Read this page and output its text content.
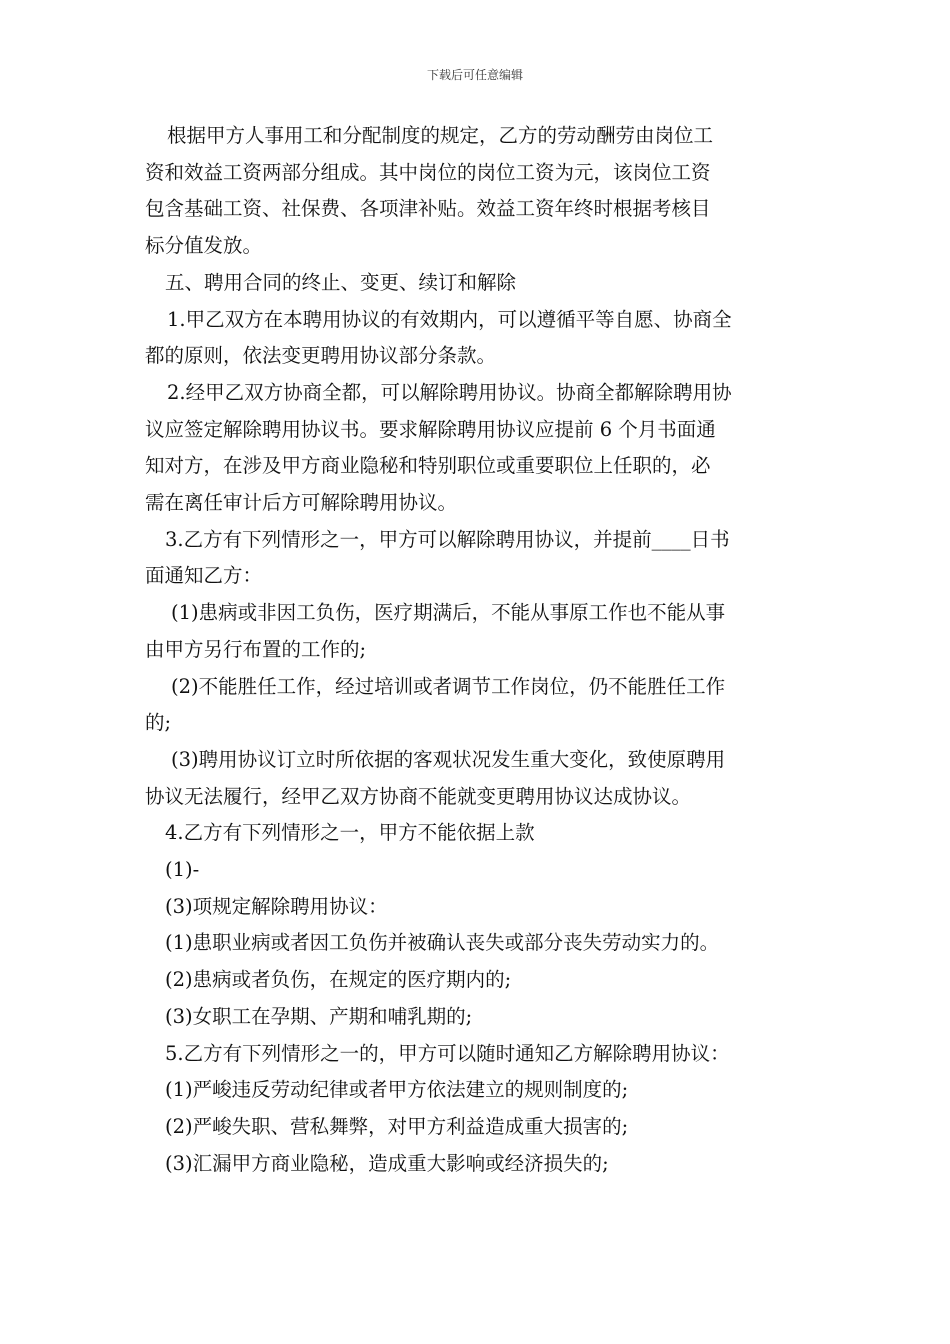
下载后可任意编辑

根据甲方人事用工和分配制度的规定，乙方的劳动酬劳由岗位工

资和效益工资两部分组成。其中岗位的岗位工资为元，该岗位工资

包含基础工资、社保费、各项津补贴。效益工资年终时根据考核目

标分值发放。

五、聘用合同的终止、变更、续订和解除

1.甲乙双方在本聘用协议的有效期内，可以遵循平等自愿、协商全

都的原则，依法变更聘用协议部分条款。

2.经甲乙双方协商全都，可以解除聘用协议。协商全都解除聘用协

议应签定解除聘用协议书。要求解除聘用协议应提前 6 个月书面通

知对方，在涉及甲方商业隐秘和特别职位或重要职位上任职的，必

需在离任审计后方可解除聘用协议。

3.乙方有下列情形之一，甲方可以解除聘用协议，并提前____日书

面通知乙方：

(1)患病或非因工负伤，医疗期满后，不能从事原工作也不能从事

由甲方另行布置的工作的;

(2)不能胜任工作，经过培训或者调节工作岗位，仍不能胜任工作

的;

(3)聘用协议订立时所依据的客观状况发生重大变化，致使原聘用

协议无法履行，经甲乙双方协商不能就变更聘用协议达成协议。

4.乙方有下列情形之一，甲方不能依据上款

(1)-

(3)项规定解除聘用协议：

(1)患职业病或者因工负伤并被确认丧失或部分丧失劳动实力的。

(2)患病或者负伤，在规定的医疗期内的;

(3)女职工在孕期、产期和哺乳期的;

5.乙方有下列情形之一的，甲方可以随时通知乙方解除聘用协议：

(1)严峻违反劳动纪律或者甲方依法建立的规则制度的;

(2)严峻失职、营私舞弊，对甲方利益造成重大损害的;

(3)汇漏甲方商业隐秘，造成重大影响或经济损失的;
